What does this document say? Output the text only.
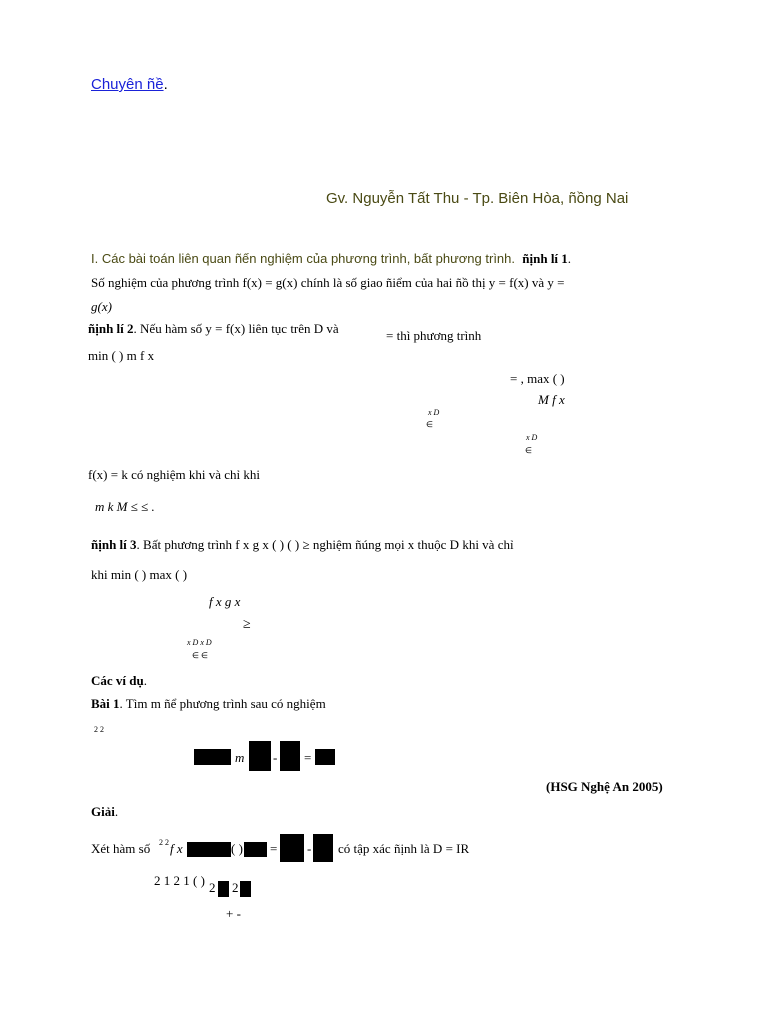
Chuyên ñề.
Gv. Nguyễn Tất Thu - Tp. Biên Hòa, ñồng Nai
I. Các bài toán liên quan ñến nghiệm của phương trình, bất phương trình. ñịnh lí 1.
Số nghiệm của phương trình f(x) = g(x) chính là số giao ñiểm của hai ñồ thị y = f(x) và y =
g(x)
ñịnh lí 2. Nếu hàm số y = f(x) liên tục trên D và	= thì phương trình
min ( ) m f x
= , max ( )
M f x
x D
∈
x D
∈
f(x) = k có nghiệm khi và chỉ khi
m k M ≤ ≤ .
ñịnh lí 3. Bất phương trình f x g x ( ) ( ) ≥ nghiệm ñúng mọi x thuộc D khi và chỉ
khi min ( ) max ( )
f x g x
≥
x D x D
∈ ∈
Các ví dụ.
Bài 1. Tìm m ñể phương trình sau có nghiệm
2 2
m - =
(HSG Nghệ An 2005)
Giải.
Xét hàm số 2 2 f x	( ) = - có tập xác ñịnh là D = IR
2 1 2 1 ( ) 2 2
+ -
